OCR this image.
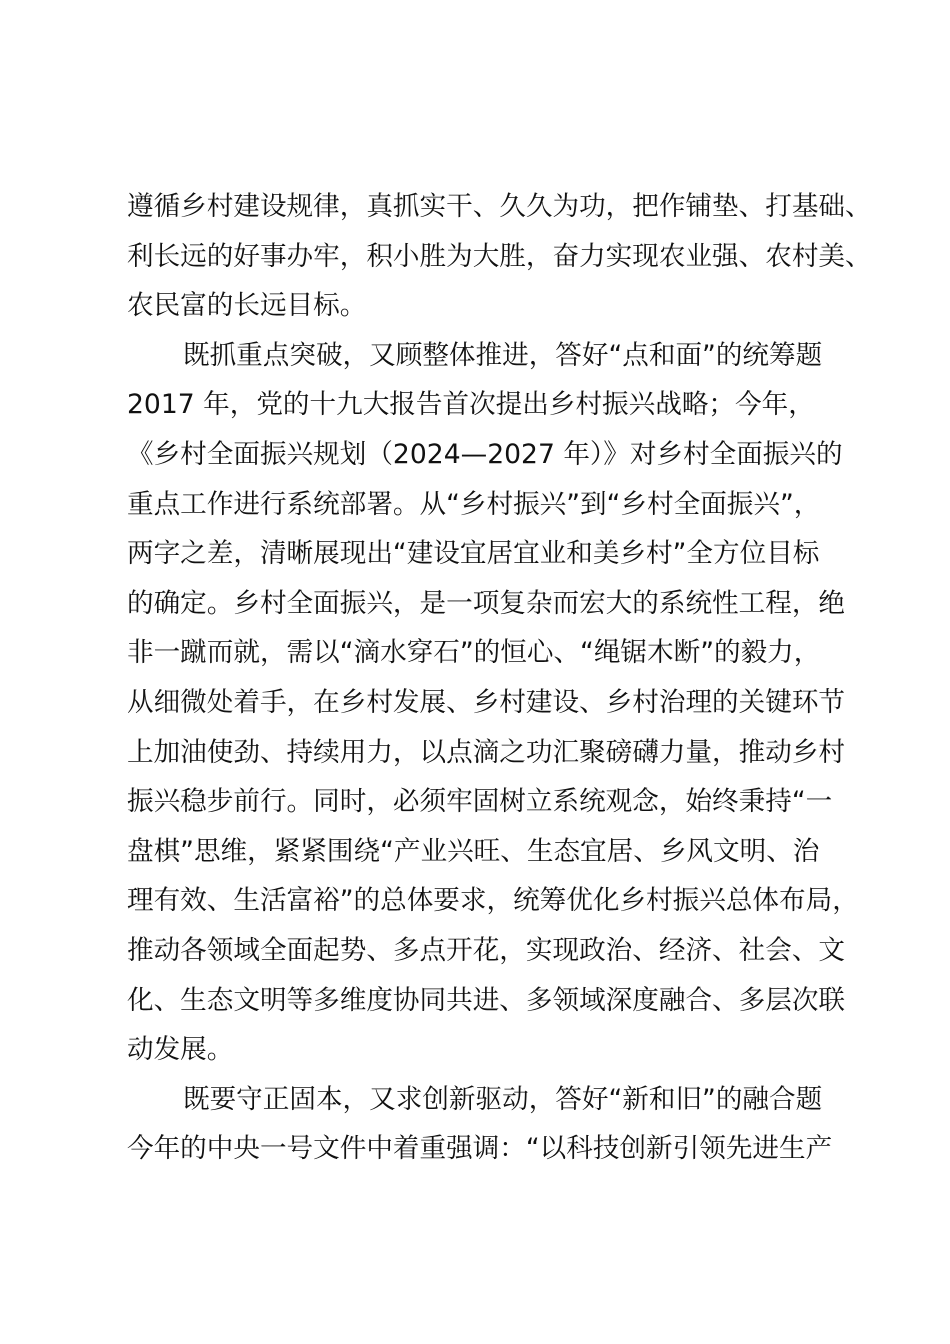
遵循乡村建设规律，真抓实干、久久为功，把作铺垫、打基础、
利长远的好事办牢，积小胜为大胜，奋力实现农业强、农村美、
农民富的长远目标。
既抓重点突破，又顾整体推进，答好“点和面”的统筹题
2017 年，党的十九大报告首次提出乡村振兴战略；今年，
《乡村全面振兴规划（2024—2027 年）》对乡村全面振兴的
重点工作进行系统部署。从“乡村振兴”到“乡村全面振兴”，
两字之差，清晰展现出“建设宜居宜业和美乡村”全方位目标
的确定。乡村全面振兴，是一项复杂而宏大的系统性工程，绝
非一蹴而就，需以“滴水穿石”的恒心、“绳锯木断”的毅力，
从细微处着手，在乡村发展、乡村建设、乡村治理的关键环节
上加油使劲、持续用力，以点滴之功汇聚磅礴力量，推动乡村
振兴稳步前行。同时，必须牢固树立系统观念，始终秉持“一
盘棋”思维，紧紧围绕“产业兴旺、生态宜居、乡风文明、治
理有效、生活富裕”的总体要求，统筹优化乡村振兴总体布局，
推动各领域全面起势、多点开花，实现政治、经济、社会、文
化、生态文明等多维度协同共进、多领域深度融合、多层次联
动发展。
既要守正固本，又求创新驱动，答好“新和旧”的融合题
今年的中央一号文件中着重强调：“以科技创新引领先进生产
